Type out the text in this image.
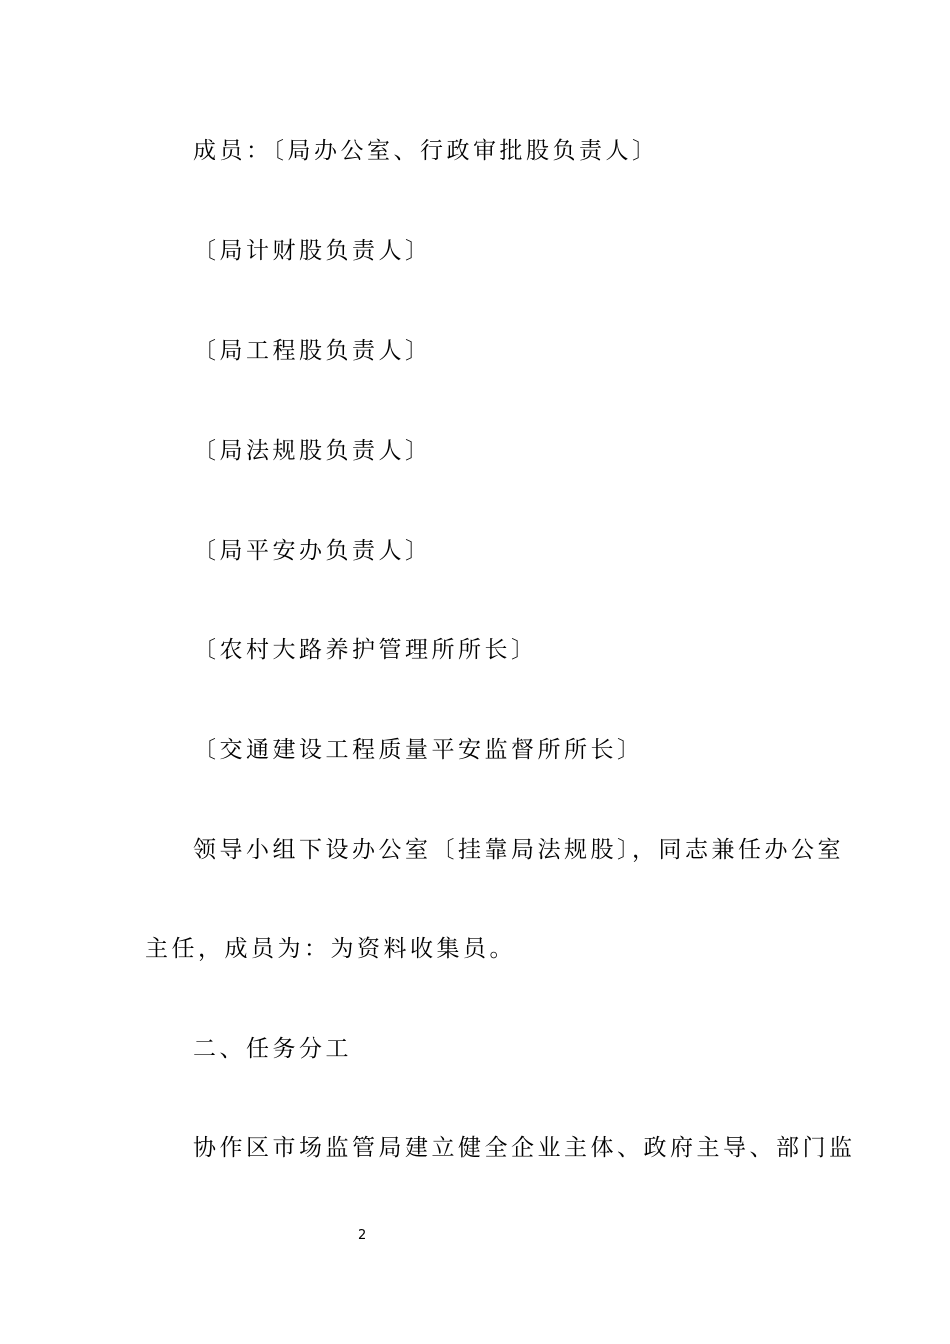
成员：〔局办公室、行政审批股负责人〕
〔局计财股负责人〕
〔局工程股负责人〕
〔局法规股负责人〕
〔局平安办负责人〕
〔农村大路养护管理所所长〕
〔交通建设工程质量平安监督所所长〕
领导小组下设办公室〔挂靠局法规股〕，同志兼任办公室
主任，成员为：为资料收集员。
二、任务分工
协作区市场监管局建立健全企业主体、政府主导、部门监
2
